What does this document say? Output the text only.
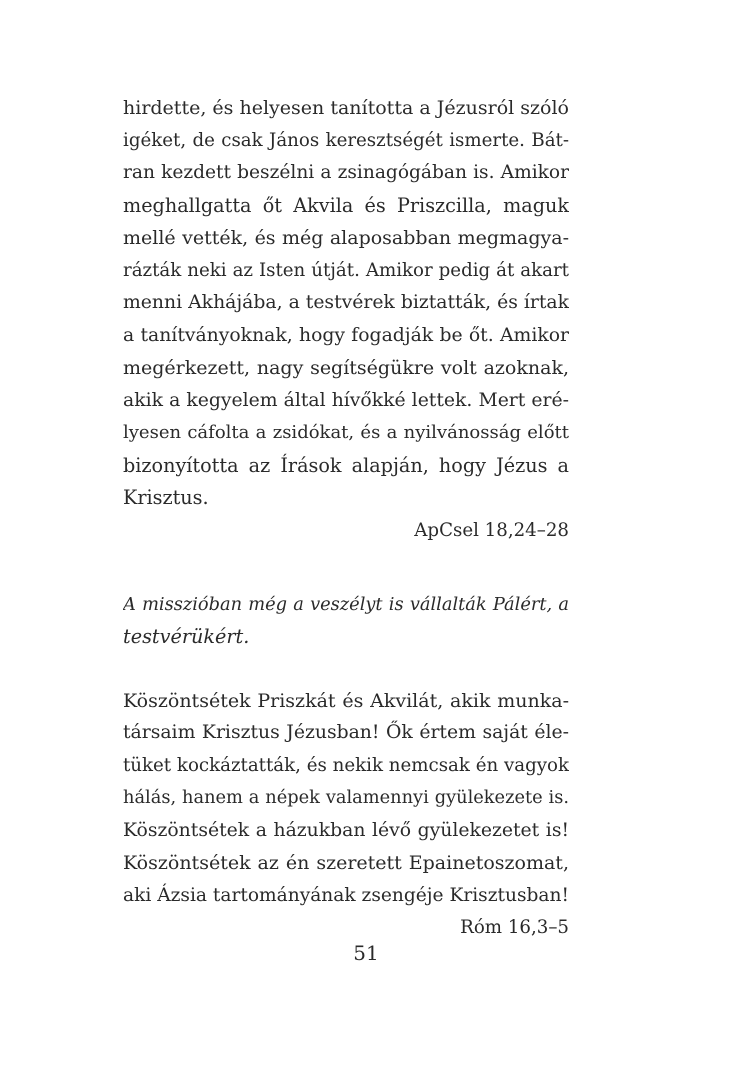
hirdette, és helyesen tanította a Jézusról szóló
igéket, de csak János keresztségét ismerte. Bát-
ran kezdett beszélni a zsinagógában is. Amikor
meghallgatta őt Akvila és Priszcilla, maguk
mellé vették, és még alaposabban megmagya-
rázták neki az Isten útját. Amikor pedig át akart
menni Akhájába, a testvérek biztatták, és írtak
a tanítványoknak, hogy fogadják be őt. Amikor
megérkezett, nagy segítségükre volt azoknak,
akik a kegyelem által hívőkké lettek. Mert eré-
lyesen cáfolta a zsidókat, és a nyilvánosság előtt
bizonyította az Írások alapján, hogy Jézus a
Krisztus.

ApCsel 18,24–28

A misszióban még a veszélyt is vállalták Pálért, a
testvérükért.
Köszöntsétek Priszkát és Akvilát, akik munka-
társaim Krisztus Jézusban! Ők értem saját éle-
tüket kockáztatták, és nekik nemcsak én vagyok
hálás, hanem a népek valamennyi gyülekezete is.
Köszöntsétek a házukban lévő gyülekezetet is!
Köszöntsétek az én szeretett Epainetoszomat,
aki Ázsia tartományának zsengéje Krisztusban!

Róm 16,3–5

51
